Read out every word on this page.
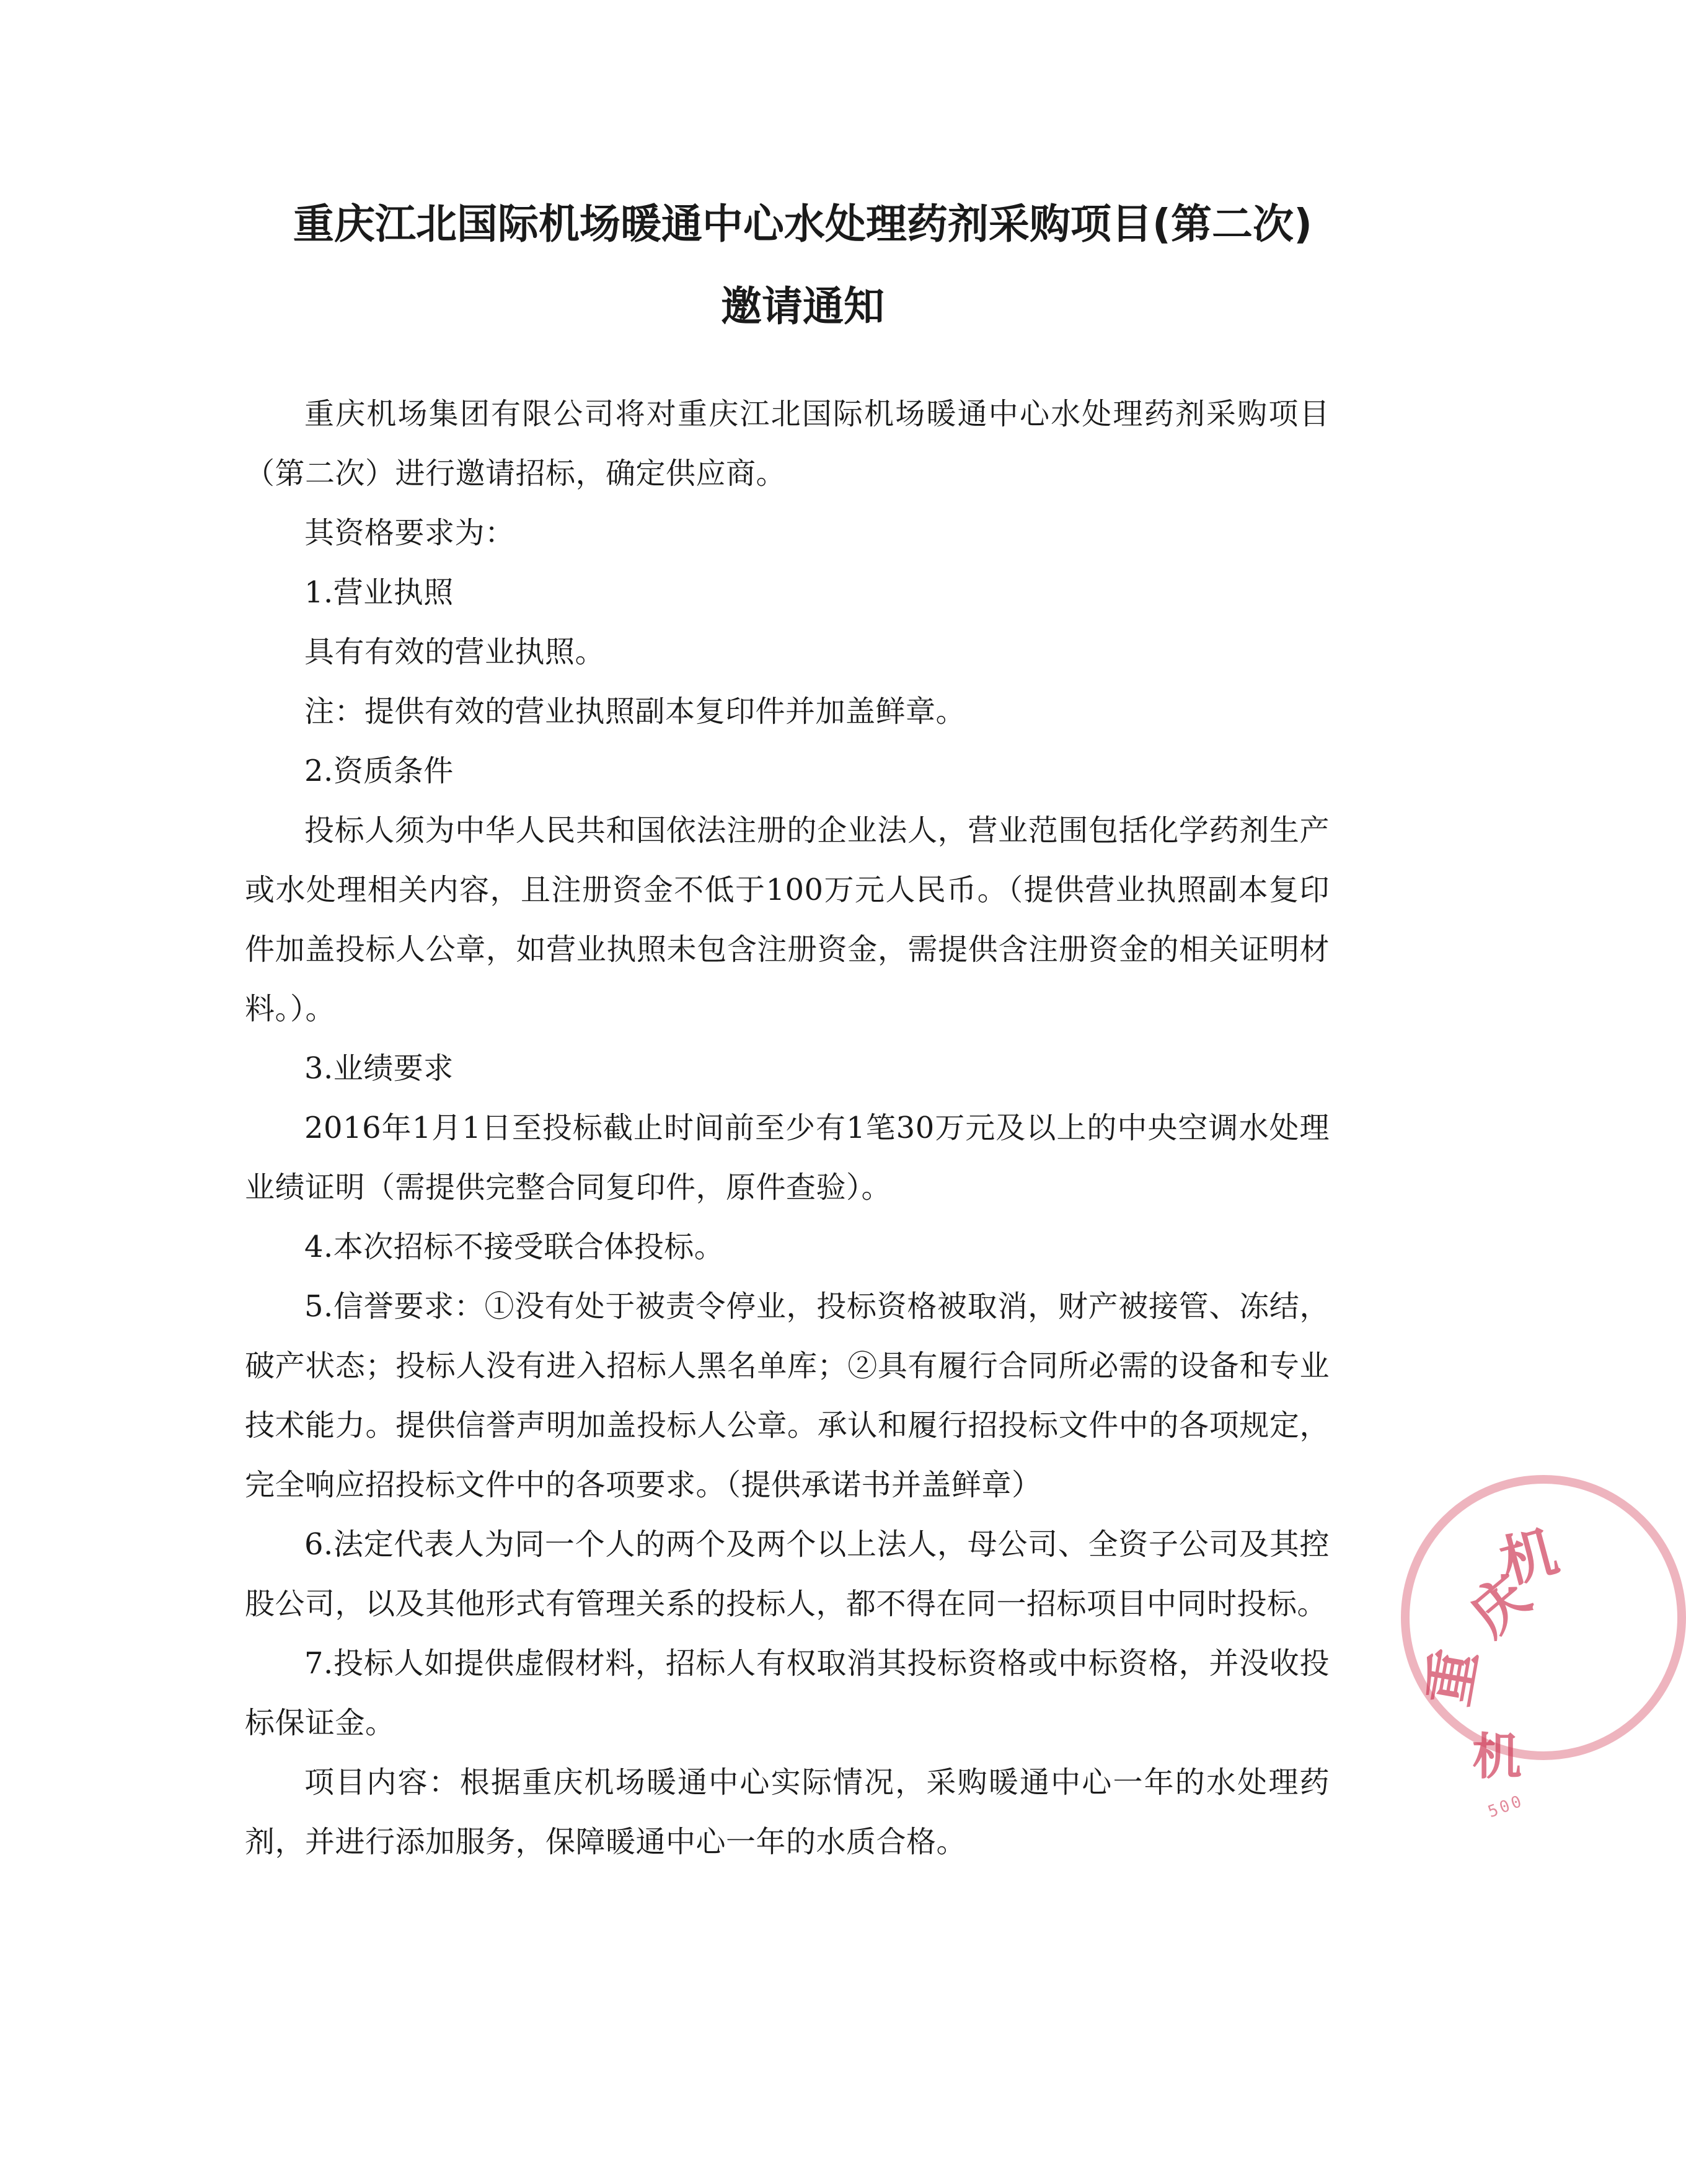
重庆江北国际机场暖通中心水处理药剂采购项目(第二次)
邀请通知

重庆机场集团有限公司将对重庆江北国际机场暖通中心水处理药剂采购项目（第二次）进行邀请招标，确定供应商。

其资格要求为：

1.营业执照

具有有效的营业执照。

注：提供有效的营业执照副本复印件并加盖鲜章。

2.资质条件

投标人须为中华人民共和国依法注册的企业法人，营业范围包括化学药剂生产或水处理相关内容，且注册资金不低于100万元人民币。（提供营业执照副本复印件加盖投标人公章，如营业执照未包含注册资金，需提供含注册资金的相关证明材料。）。

3.业绩要求

2016年1月1日至投标截止时间前至少有1笔30万元及以上的中央空调水处理业绩证明（需提供完整合同复印件，原件查验）。

4.本次招标不接受联合体投标。

5.信誉要求：①没有处于被责令停业，投标资格被取消，财产被接管、冻结，破产状态；投标人没有进入招标人黑名单库；②具有履行合同所必需的设备和专业技术能力。提供信誉声明加盖投标人公章。承认和履行招投标文件中的各项规定，完全响应招投标文件中的各项要求。（提供承诺书并盖鲜章）

6.法定代表人为同一个人的两个及两个以上法人，母公司、全资子公司及其控股公司，以及其他形式有管理关系的投标人，都不得在同一招标项目中同时投标。

7.投标人如提供虚假材料，招标人有权取消其投标资格或中标资格，并没收投标保证金。

项目内容：根据重庆机场暖通中心实际情况，采购暖通中心一年的水处理药剂，并进行添加服务，保障暖通中心一年的水质合格。

重
庆
机
机
500
